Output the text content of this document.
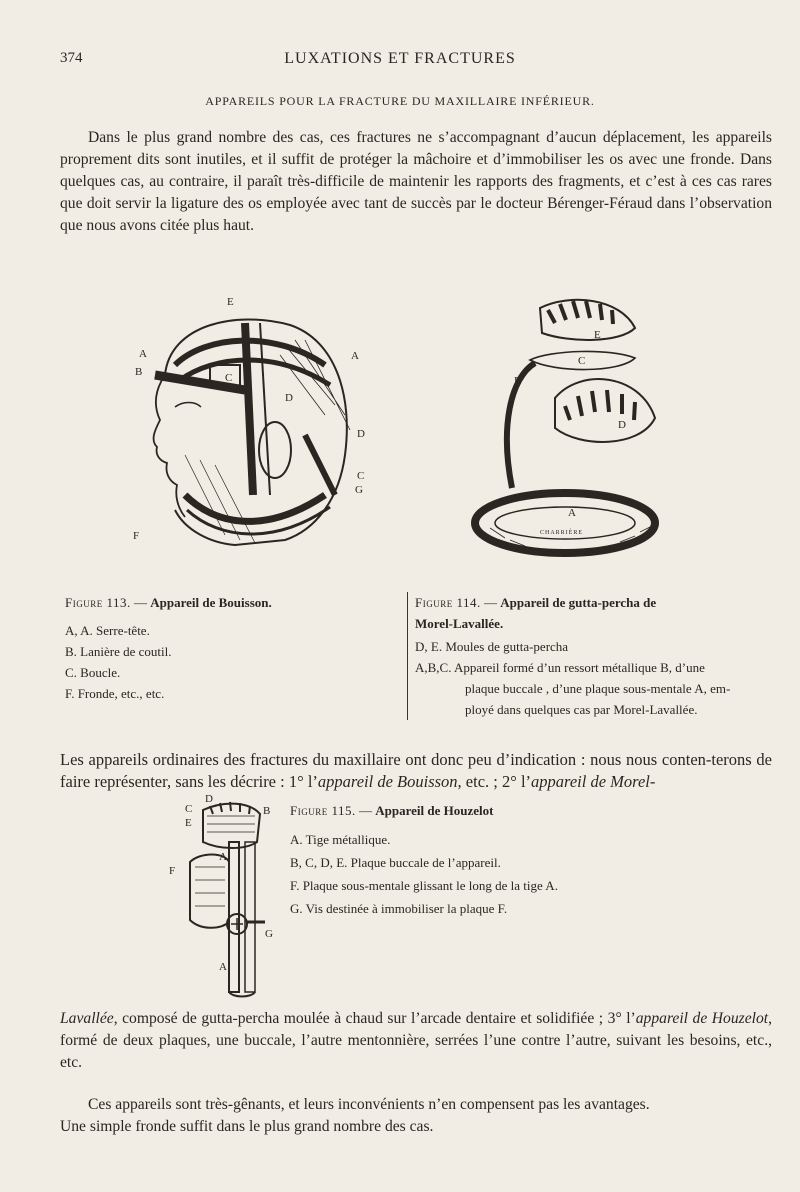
374	LUXATIONS ET FRACTURES
APPAREILS POUR LA FRACTURE DU MAXILLAIRE INFÉRIEUR.
Dans le plus grand nombre des cas, ces fractures ne s’accompagnant d’aucun déplacement, les appareils proprement dits sont inutiles, et il suffit de protéger la mâchoire et d’immobiliser les os avec une fronde. Dans quelques cas, au contraire, il paraît très-difficile de maintenir les rapports des fragments, et c’est à ces cas rares que doit servir la ligature des os employée avec tant de succès par le docteur Bérenger-Féraud dans l’observation que nous avons citée plus haut.
E
A
B	C
A
D
D
C
G
F
E
C
B
D
A
CHARRIÈRE
Figure 113. — Appareil de Bouisson.
A, A. Serre-tête.
B. Lanière de coutil.
C. Boucle.
F. Fronde, etc., etc.
Figure 114. — Appareil de gutta-percha de
Morel-Lavallée.
D, E. Moules de gutta-percha
A,B,C. Appareil formé d’un ressort métallique B, d’une
plaque buccale , d’une plaque sous-mentale A, em-
ployé dans quelques cas par Morel-Lavallée.
Les appareils ordinaires des fractures du maxillaire ont donc peu d’indication : nous nous conten-terons de faire représenter, sans les décrire : 1° l’appareil de Bouisson, etc. ; 2° l’appareil de Morel-
D
C	B
E
A
F
G
A
Figure 115. — Appareil de Houzelot
A. Tige métallique.
B, C, D, E. Plaque buccale de l’appareil.
F. Plaque sous-mentale glissant le long de la tige A.
G. Vis destinée à immobiliser la plaque F.
Lavallée, composé de gutta-percha moulée à chaud sur l’arcade dentaire et solidifiée ; 3° l’appareil de Houzelot, formé de deux plaques, une buccale, l’autre mentonnière, serrées l’une contre l’autre, suivant les besoins, etc., etc.
Ces appareils sont très-gênants, et leurs inconvénients n’en compensent pas les avantages.
Une simple fronde suffit dans le plus grand nombre des cas.
